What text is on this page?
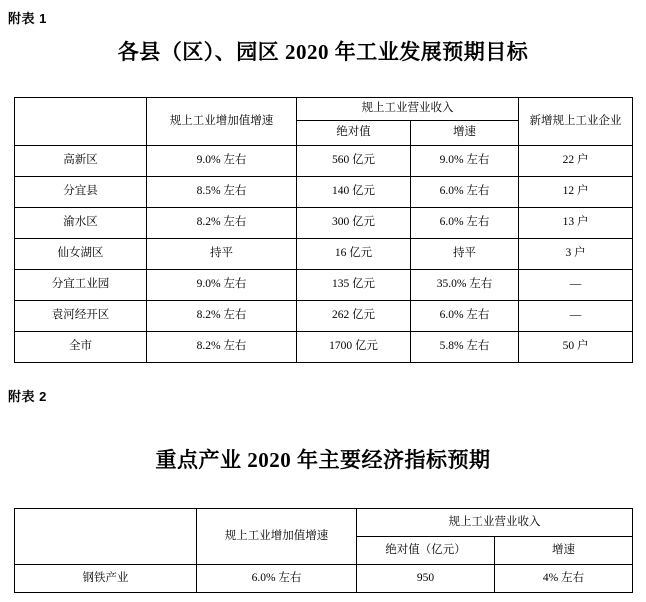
附表 1
各县（区）、园区 2020 年工业发展预期目标
	规上工业增加值增速	规上工业营业收入		新增规上工业企业
		绝对值	增速	
高新区	9.0% 左右	560 亿元	9.0% 左右	22 户
分宜县	8.5% 左右	140 亿元	6.0% 左右	12 户
渝水区	8.2% 左右	300 亿元	6.0% 左右	13 户
仙女湖区	持平	16 亿元	持平	3 户
分宜工业园	9.0% 左右	135 亿元	35.0% 左右	—
袁河经开区	8.2% 左右	262 亿元	6.0% 左右	—
全市	8.2% 左右	1700 亿元	5.8% 左右	50 户
附表 2
重点产业 2020 年主要经济指标预期
	规上工业增加值增速	规上工业营业收入	
		绝对值（亿元）	增速
钢铁产业	6.0% 左右	950	4% 左右
